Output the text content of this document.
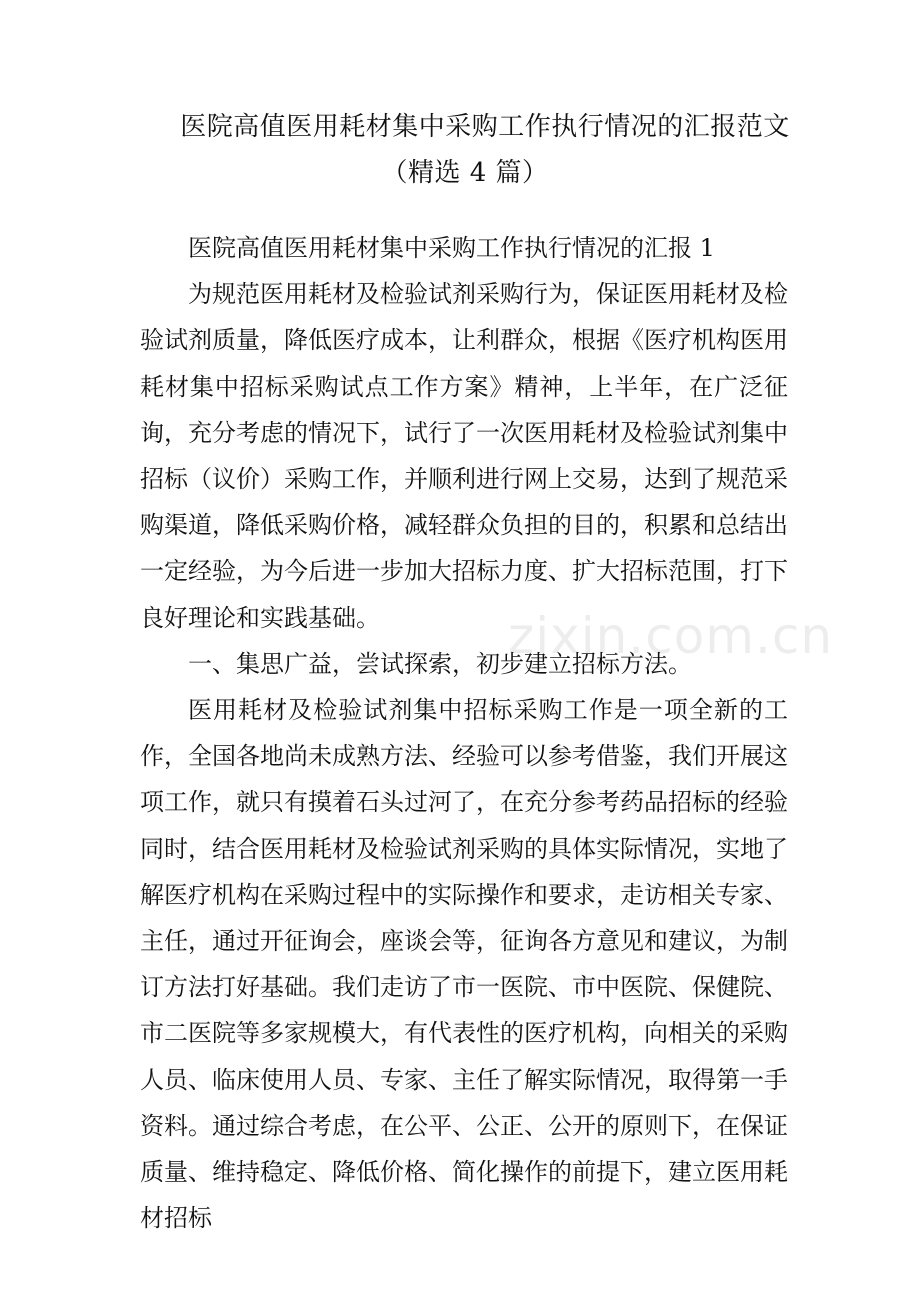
医院高值医用耗材集中采购工作执行情况的汇报范文
（精选 4 篇）

医院高值医用耗材集中采购工作执行情况的汇报 1

为规范医用耗材及检验试剂采购行为，保证医用耗材及检验试剂质量，降低医疗成本，让利群众，根据《医疗机构医用耗材集中招标采购试点工作方案》精神，上半年，在广泛征询，充分考虑的情况下，试行了一次医用耗材及检验试剂集中招标（议价）采购工作，并顺利进行网上交易，达到了规范采购渠道，降低采购价格，减轻群众负担的目的，积累和总结出一定经验，为今后进一步加大招标力度、扩大招标范围，打下良好理论和实践基础。

一、集思广益，尝试探索，初步建立招标方法。

医用耗材及检验试剂集中招标采购工作是一项全新的工作，全国各地尚未成熟方法、经验可以参考借鉴，我们开展这项工作，就只有摸着石头过河了，在充分参考药品招标的经验同时，结合医用耗材及检验试剂采购的具体实际情况，实地了解医疗机构在采购过程中的实际操作和要求，走访相关专家、主任，通过开征询会，座谈会等，征询各方意见和建议，为制订方法打好基础。我们走访了市一医院、市中医院、保健院、市二医院等多家规模大，有代表性的医疗机构，向相关的采购人员、临床使用人员、专家、主任了解实际情况，取得第一手资料。通过综合考虑，在公平、公正、公开的原则下，在保证质量、维持稳定、降低价格、简化操作的前提下，建立医用耗材招标

zixin.com.cn
